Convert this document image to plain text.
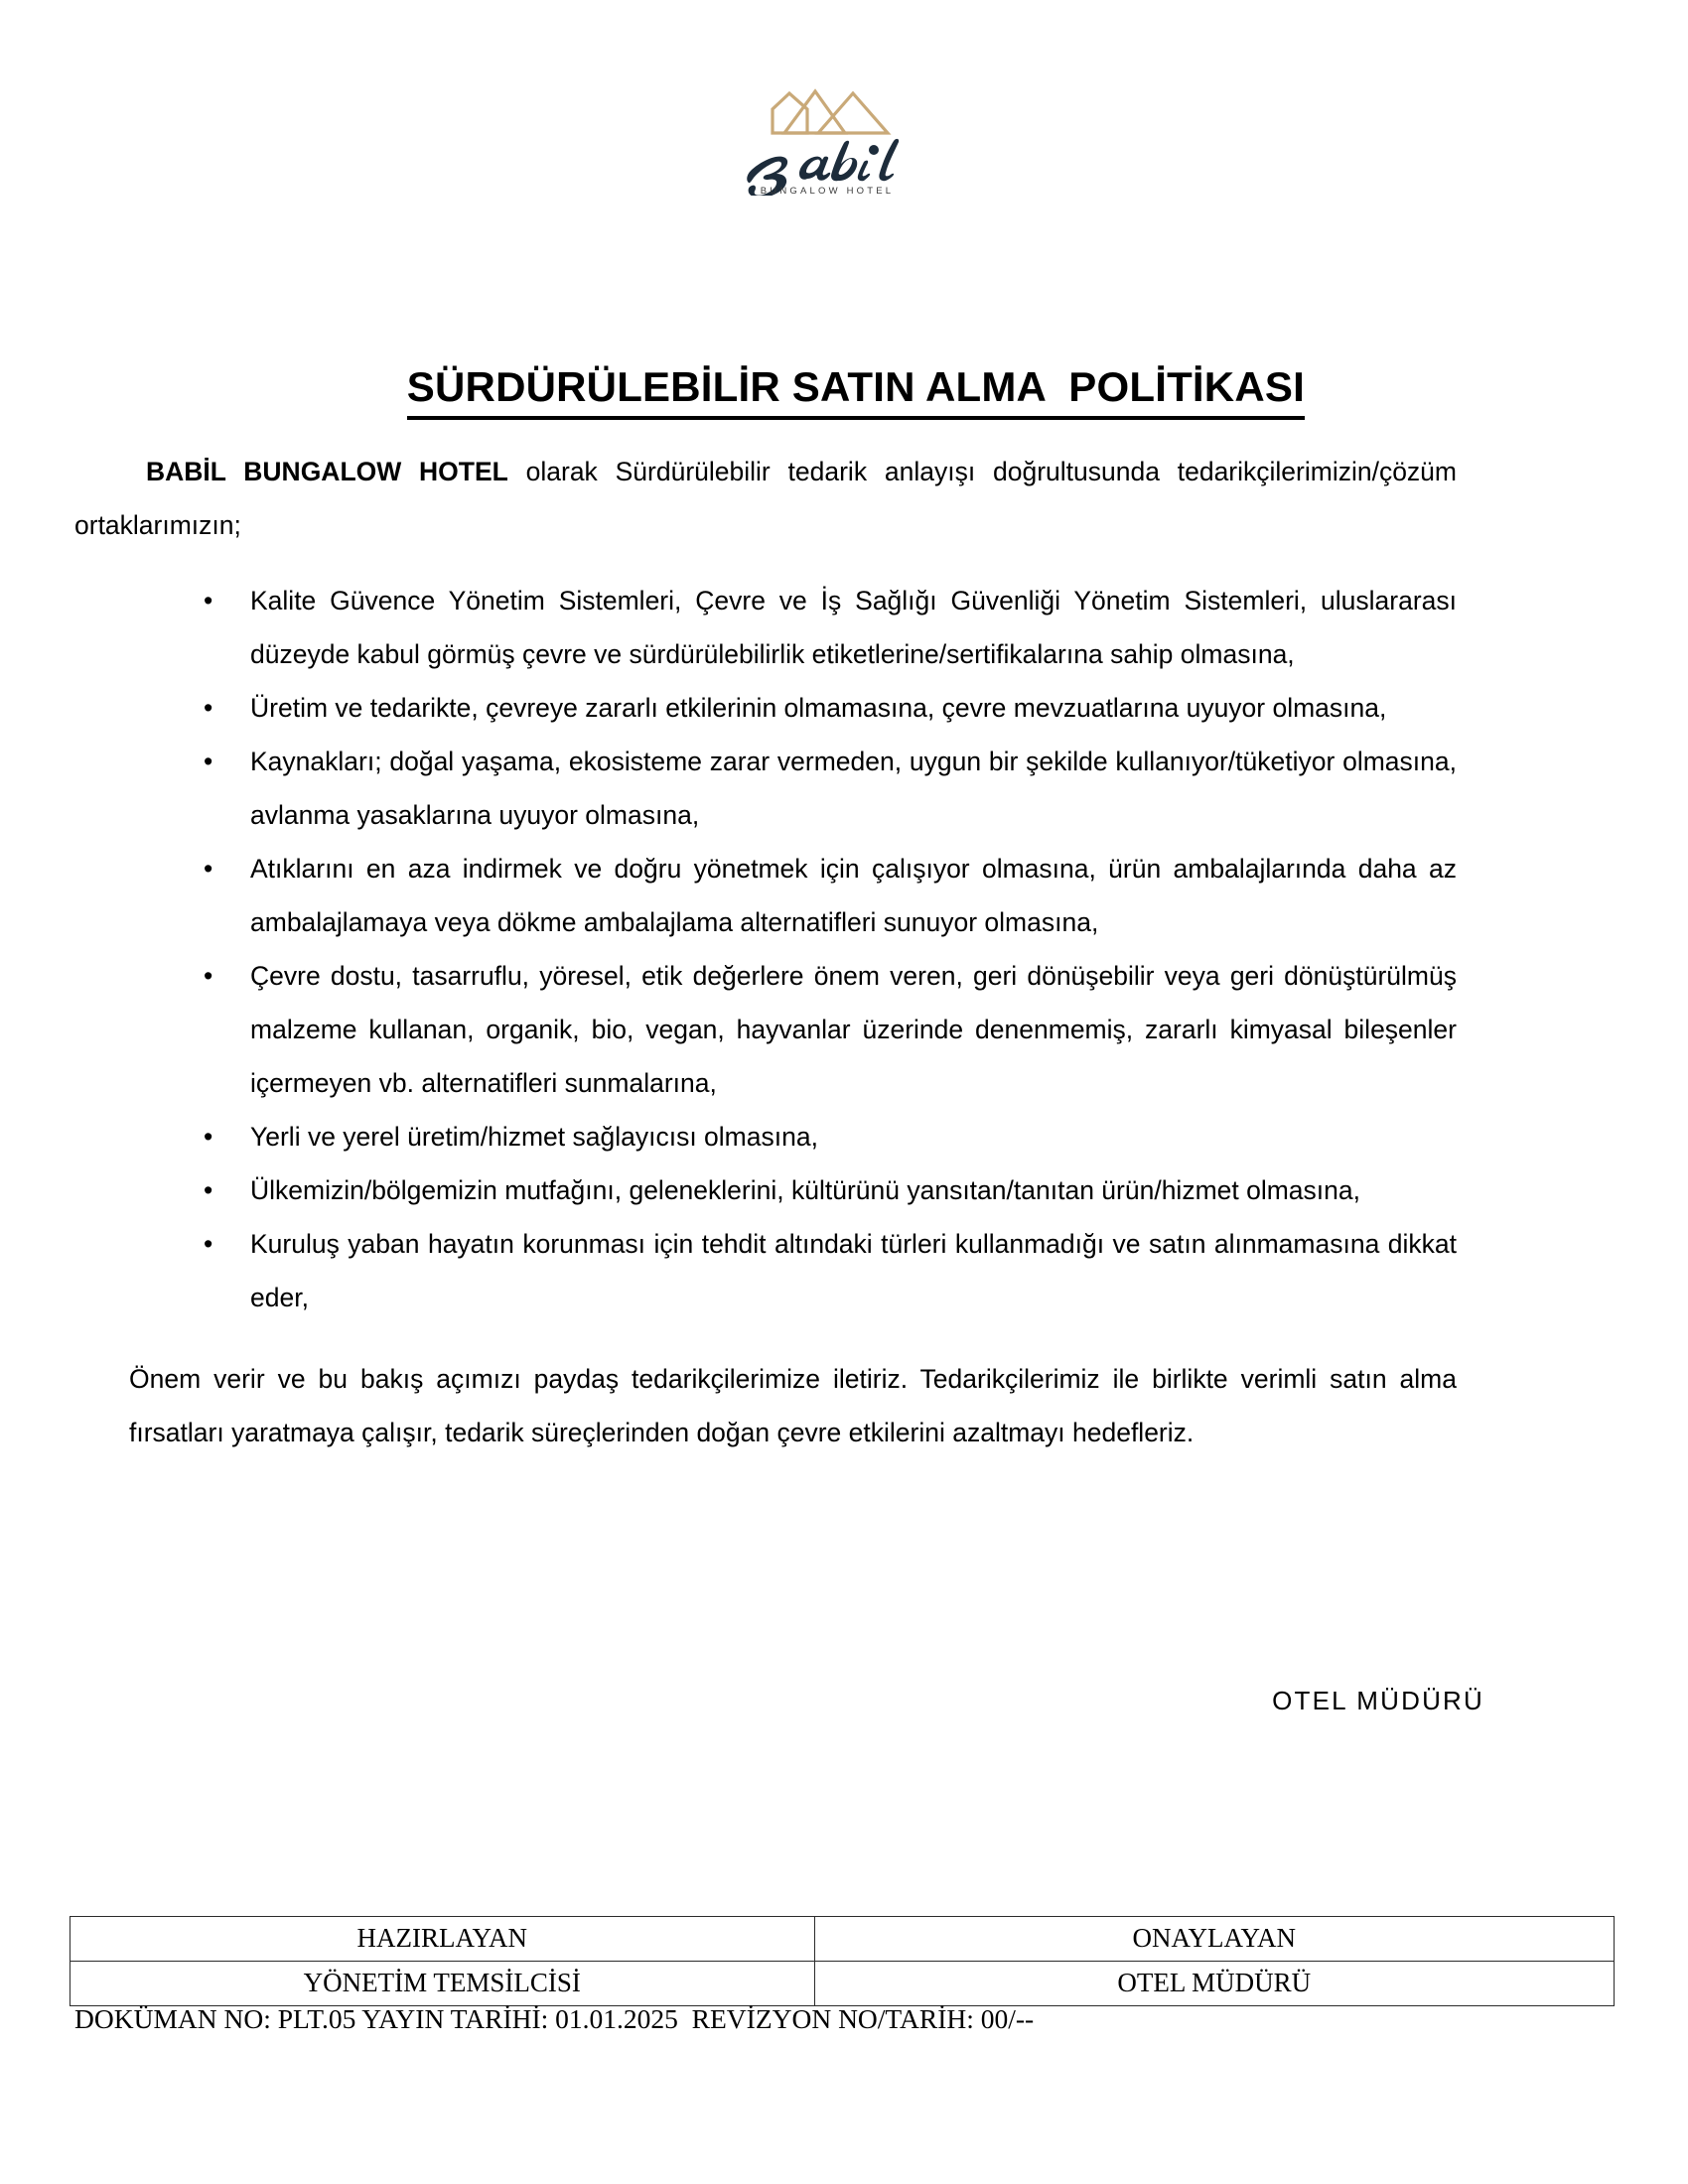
BUNGALOW HOTEL

SÜRDÜRÜLEBİLİR SATIN ALMA  POLİTİKASI

BABİL BUNGALOW HOTEL olarak Sürdürülebilir tedarik anlayışı doğrultusunda tedarikçilerimizin/çözüm ortaklarımızın;

• Kalite Güvence Yönetim Sistemleri, Çevre ve İş Sağlığı Güvenliği Yönetim Sistemleri, uluslararası düzeyde kabul görmüş çevre ve sürdürülebilirlik etiketlerine/sertifikalarına sahip olmasına,
• Üretim ve tedarikte, çevreye zararlı etkilerinin olmamasına, çevre mevzuatlarına uyuyor olmasına,
• Kaynakları; doğal yaşama, ekosisteme zarar vermeden, uygun bir şekilde kullanıyor/tüketiyor olmasına, avlanma yasaklarına uyuyor olmasına,
• Atıklarını en aza indirmek ve doğru yönetmek için çalışıyor olmasına, ürün ambalajlarında daha az ambalajlamaya veya dökme ambalajlama alternatifleri sunuyor olmasına,
• Çevre dostu, tasarruflu, yöresel, etik değerlere önem veren, geri dönüşebilir veya geri dönüştürülmüş malzeme kullanan, organik, bio, vegan, hayvanlar üzerinde denenmemiş, zararlı kimyasal bileşenler içermeyen vb. alternatifleri sunmalarına,
• Yerli ve yerel üretim/hizmet sağlayıcısı olmasına,
• Ülkemizin/bölgemizin mutfağını, geleneklerini, kültürünü yansıtan/tanıtan ürün/hizmet olmasına,
• Kuruluş yaban hayatın korunması için tehdit altındaki türleri kullanmadığı ve satın alınmamasına dikkat eder,

Önem verir ve bu bakış açımızı paydaş tedarikçilerimize iletiriz. Tedarikçilerimiz ile birlikte verimli satın alma fırsatları yaratmaya çalışır, tedarik süreçlerinden doğan çevre etkilerini azaltmayı hedefleriz.

OTEL MÜDÜRÜ
HAZIRLAYAN	ONAYLAYAN
YÖNETİM TEMSİLCİSİ	OTEL MÜDÜRÜ
DOKÜMAN NO: PLT.05 YAYIN TARİHİ: 01.01.2025  REVİZYON NO/TARİH: 00/--
